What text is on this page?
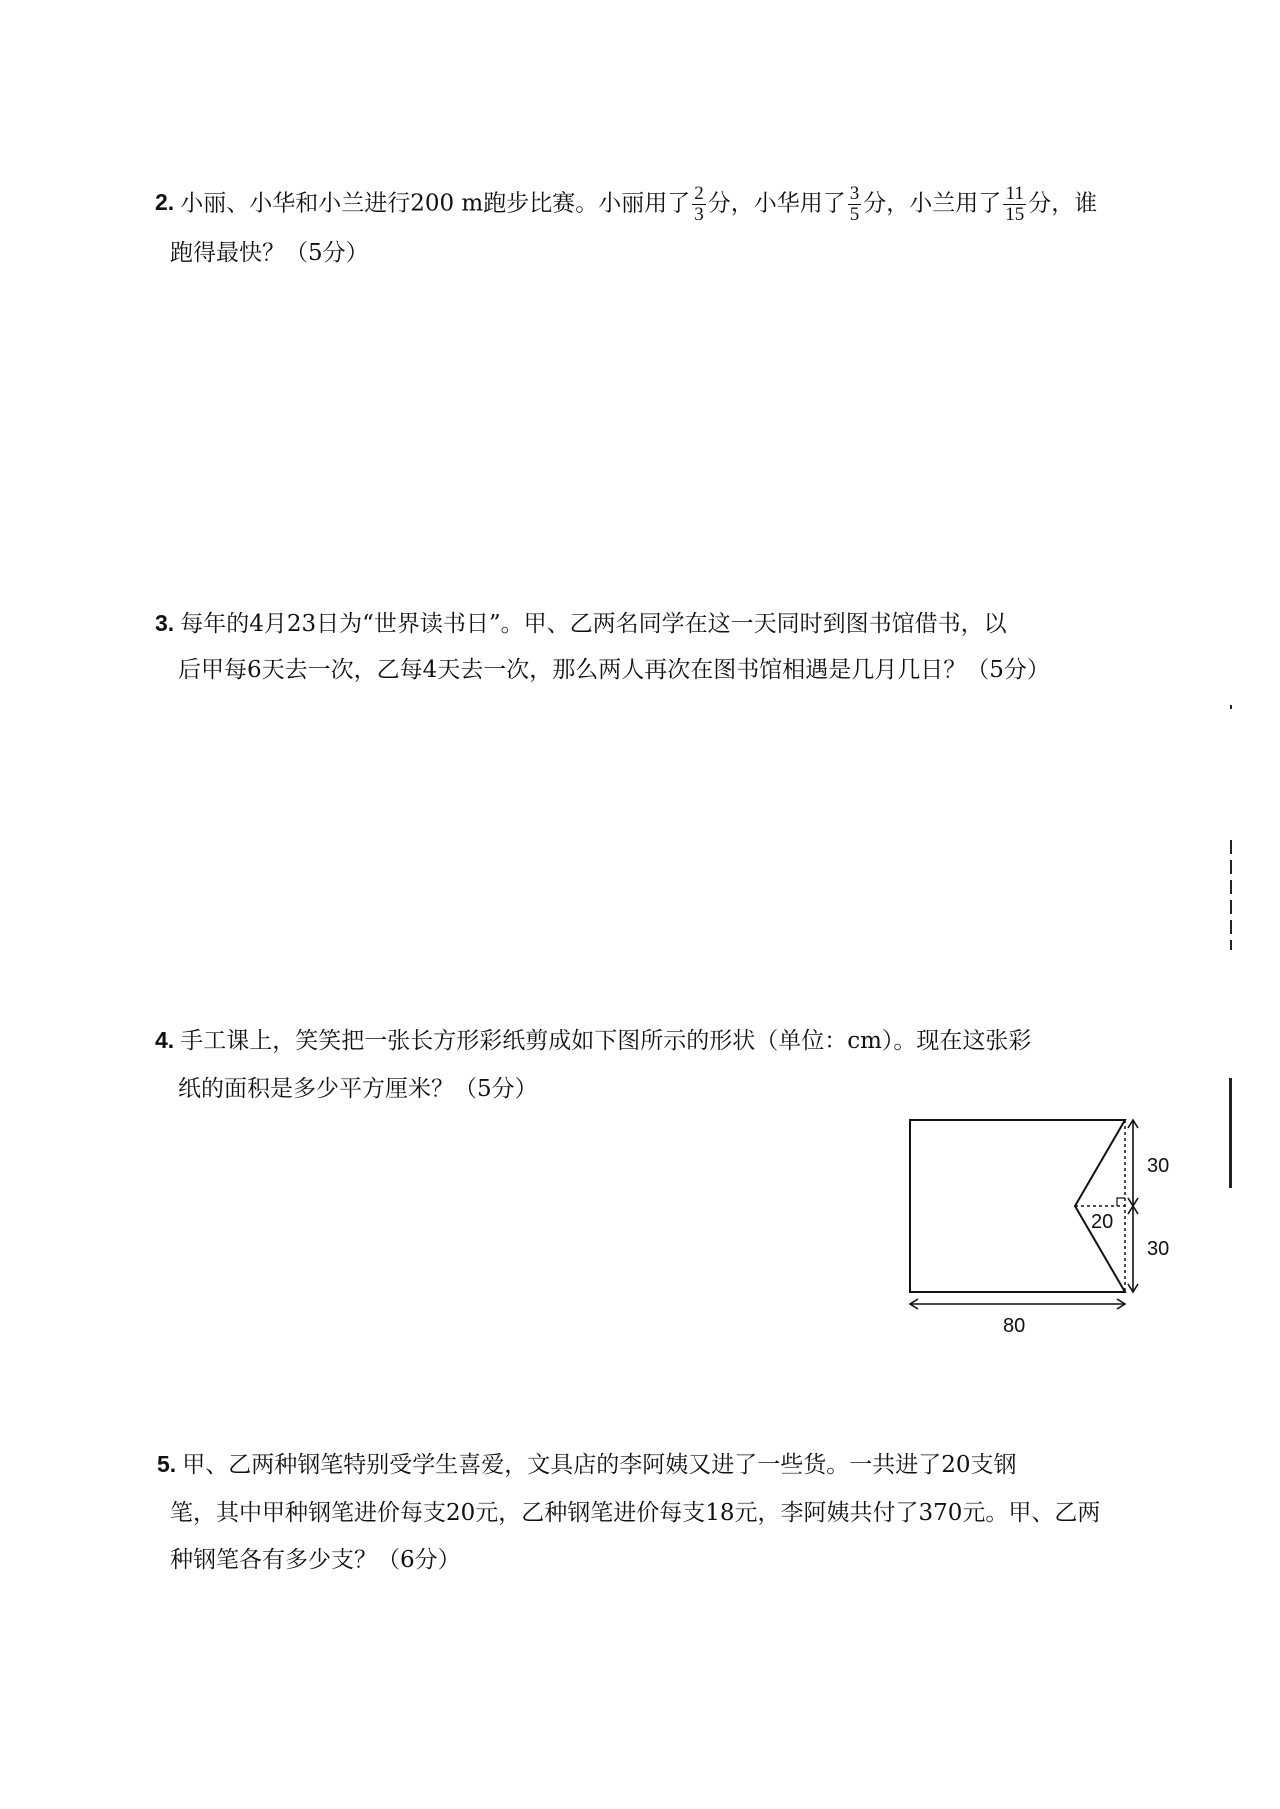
2. 小丽、小华和小兰进行200 m跑步比赛。小丽用了 $\frac{2}{3}$ 分，小华用了 $\frac{3}{5}$ 分，小兰用了 $\frac{11}{15}$ 分，谁
跑得最快？（5分）
3. 每年的4月23日为“世界读书日”。甲、乙两名同学在这一天同时到图书馆借书，以
后甲每6天去一次，乙每4天去一次，那么两人再次在图书馆相遇是几月几日？（5分）
4. 手工课上，笑笑把一张长方形彩纸剪成如下图所示的形状（单位：cm）。现在这张彩
纸的面积是多少平方厘米？（5分）
30
30
20
80
5. 甲、乙两种钢笔特别受学生喜爱，文具店的李阿姨又进了一些货。一共进了20支钢
笔，其中甲种钢笔进价每支20元，乙种钢笔进价每支18元，李阿姨共付了370元。甲、乙两
种钢笔各有多少支？（6分）
